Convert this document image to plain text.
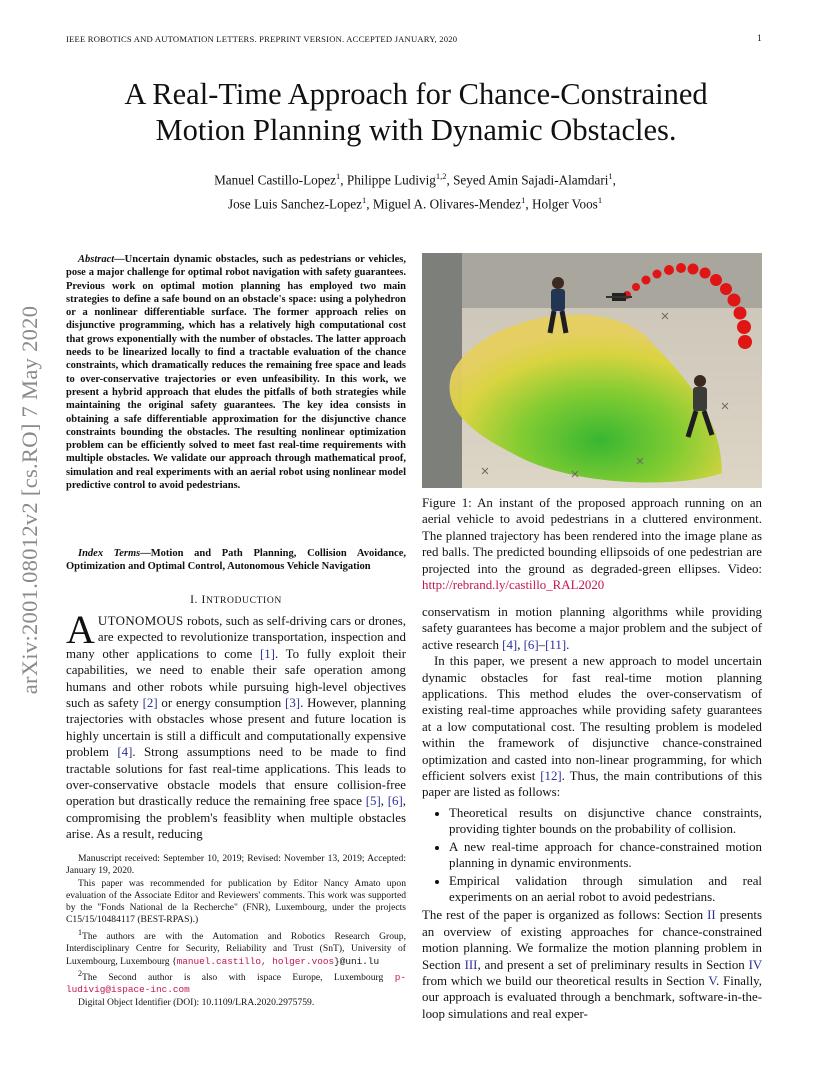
IEEE ROBOTICS AND AUTOMATION LETTERS. PREPRINT VERSION. ACCEPTED JANUARY, 2020	1
arXiv:2001.08012v2 [cs.RO] 7 May 2020
A Real-Time Approach for Chance-Constrained
Motion Planning with Dynamic Obstacles.
Manuel Castillo-Lopez$^1$, Philippe Ludivig$^{1,2}$, Seyed Amin Sajadi-Alamdari$^1$,
Jose Luis Sanchez-Lopez$^1$, Miguel A. Olivares-Mendez$^1$, Holger Voos$^1$
Abstract—Uncertain dynamic obstacles, such as pedestrians or vehicles, pose a major challenge for optimal robot navigation with safety guarantees. Previous work on optimal motion planning has employed two main strategies to define a safe bound on an obstacle's space: using a polyhedron or a nonlinear differentiable surface. The former approach relies on disjunctive programming, which has a relatively high computational cost that grows exponentially with the number of obstacles. The latter approach needs to be linearized locally to find a tractable evaluation of the chance constraints, which dramatically reduces the remaining free space and leads to over-conservative trajectories or even unfeasibility. In this work, we present a hybrid approach that eludes the pitfalls of both strategies while maintaining the original safety guarantees. The key idea consists in obtaining a safe differentiable approximation for the disjunctive chance constraints bounding the obstacles. The resulting nonlinear optimization problem can be efficiently solved to meet fast real-time requirements with multiple obstacles. We validate our approach through mathematical proof, simulation and real experiments with an aerial robot using nonlinear model predictive control to avoid pedestrians.
Index Terms—Motion and Path Planning, Collision Avoidance, Optimization and Optimal Control, Autonomous Vehicle Navigation
I. INTRODUCTION
AUTONOMOUS robots, such as self-driving cars or drones, are expected to revolutionize transportation, inspection and many other applications to come [1]. To fully exploit their capabilities, we need to enable their safe operation among humans and other robots while pursuing high-level objectives such as safety [2] or energy consumption [3]. However, planning trajectories with obstacles whose present and future location is highly uncertain is still a difficult and computationally expensive problem [4]. Strong assumptions need to be made to find tractable solutions for fast real-time applications. This leads to over-conservative obstacle models that ensure collision-free operation but drastically reduce the remaining free space [5], [6], compromising the problem's feasiblity when multiple obstacles arise. As a result, reducing

Manuscript received: September 10, 2019; Revised: November 13, 2019; Accepted: January 19, 2020.

This paper was recommended for publication by Editor Nancy Amato upon evaluation of the Associate Editor and Reviewers' comments. This work was supported by the "Fonds National de la Recherche" (FNR), Luxembourg, under the projects C15/15/10484117 (BEST-RPAS).)

$^1$The authors are with the Automation and Robotics Research Group, Interdisciplinary Centre for Security, Reliability and Trust (SnT), University of Luxembourg, Luxembourg {manuel.castillo, holger.voos}@uni.lu

$^2$The Second author is also with ispace Europe, Luxembourg p-ludivig@ispace-inc.com

Digital Object Identifier (DOI): 10.1109/LRA.2020.2975759.

Figure 1: An instant of the proposed approach running on an aerial vehicle to avoid pedestrians in a cluttered environment. The planned trajectory has been rendered into the image plane as red balls. The predicted bounding ellipsoids of one pedestrian are projected into the ground as degraded-green ellipses. Video: http://rebrand.ly/castillo_RAL2020

conservatism in motion planning algorithms while providing safety guarantees has become a major problem and the subject of active research [4], [6]–[11].

In this paper, we present a new approach to model uncertain dynamic obstacles for fast real-time motion planning applications. This method eludes the over-conservatism of existing real-time approaches while providing safety guarantees at a low computational cost. The resulting problem is modeled within the framework of disjunctive chance-constrained optimization and casted into non-linear programming, for which efficient solvers exist [12]. Thus, the main contributions of this paper are listed as follows:

• Theoretical results on disjunctive chance constraints, providing tighter bounds on the probability of collision.
• A new real-time approach for chance-constrained motion planning in dynamic environments.
• Empirical validation through simulation and real experiments on an aerial robot to avoid pedestrians.

The rest of the paper is organized as follows: Section II presents an overview of existing approaches for chance-constrained motion planning. We formalize the motion planning problem in Section III, and present a set of preliminary results in Section IV from which we build our theoretical results in Section V. Finally, our approach is evaluated through a benchmark, software-in-the-loop simulations and real exper-
